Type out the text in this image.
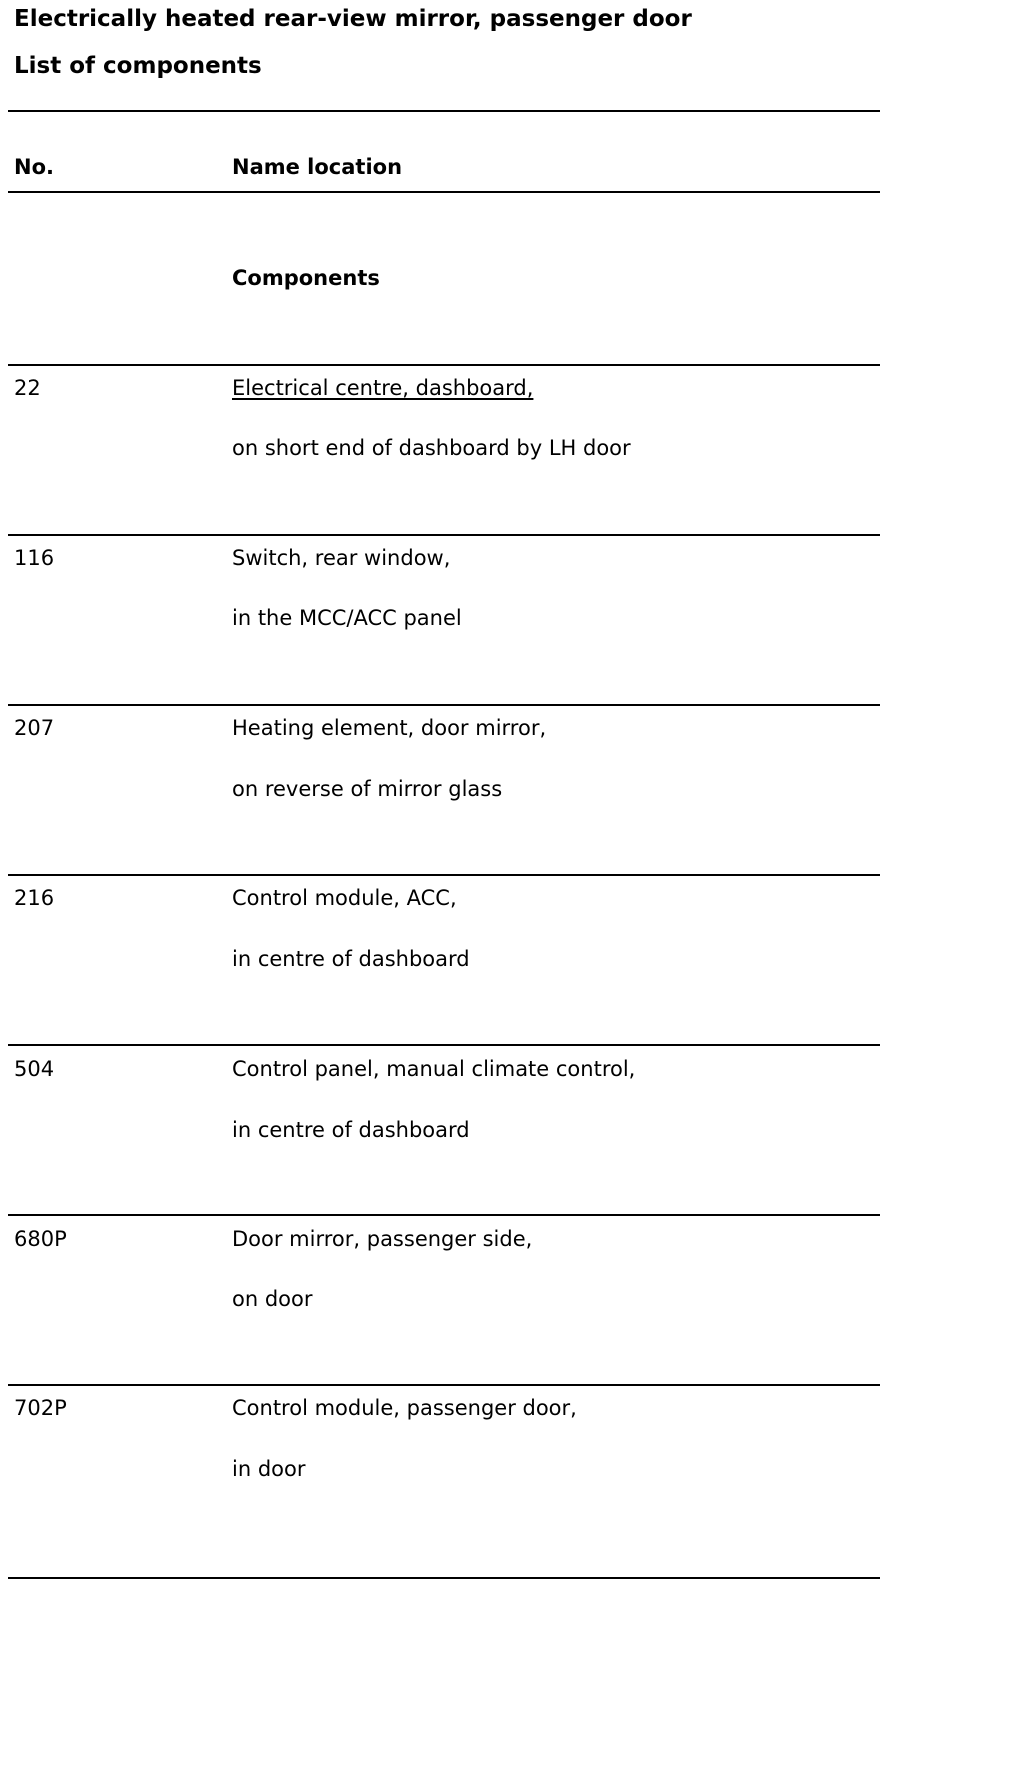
Electrically heated rear-view mirror, passenger door
List of components
No.	Name location
Components
22	Electrical centre, dashboard,
on short end of dashboard by LH door
116	Switch, rear window,
in the MCC/ACC panel
207	Heating element, door mirror,
on reverse of mirror glass
216	Control module, ACC,
in centre of dashboard
504	Control panel, manual climate control,
in centre of dashboard
680P	Door mirror, passenger side,
on door
702P	Control module, passenger door,
in door
